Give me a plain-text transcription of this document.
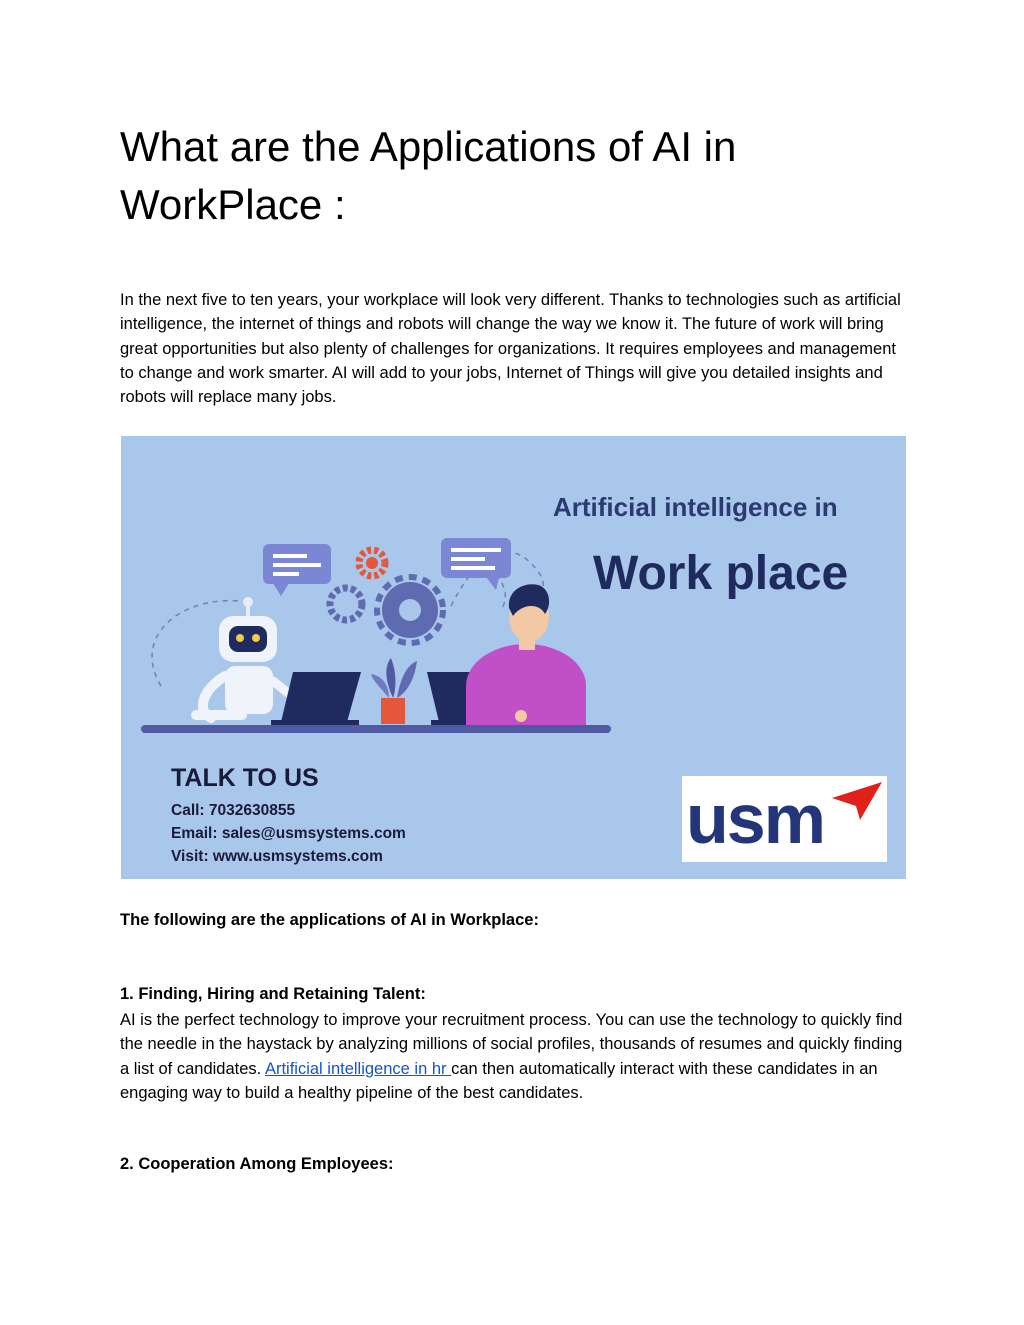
What are the Applications of AI in WorkPlace :

In the next five to ten years, your workplace will look very different. Thanks to technologies such as artificial intelligence, the internet of things and robots will change the way we know it. The future of work will bring great opportunities but also plenty of challenges for organizations. It requires employees and management to change and work smarter. AI will add to your jobs, Internet of Things will give you detailed insights and robots will replace many jobs.

Artificial intelligence in
Work place
TALK TO US
Call: 7032630855
Email: sales@usmsystems.com
Visit: www.usmsystems.com	usm

The following are the applications of AI in Workplace:

1. Finding, Hiring and Retaining Talent:

AI is the perfect technology to improve your recruitment process. You can use the technology to quickly find the needle in the haystack by analyzing millions of social profiles, thousands of resumes and quickly finding a list of candidates. Artificial intelligence in hr can then automatically interact with these candidates in an engaging way to build a healthy pipeline of the best candidates.

2. Cooperation Among Employees:
